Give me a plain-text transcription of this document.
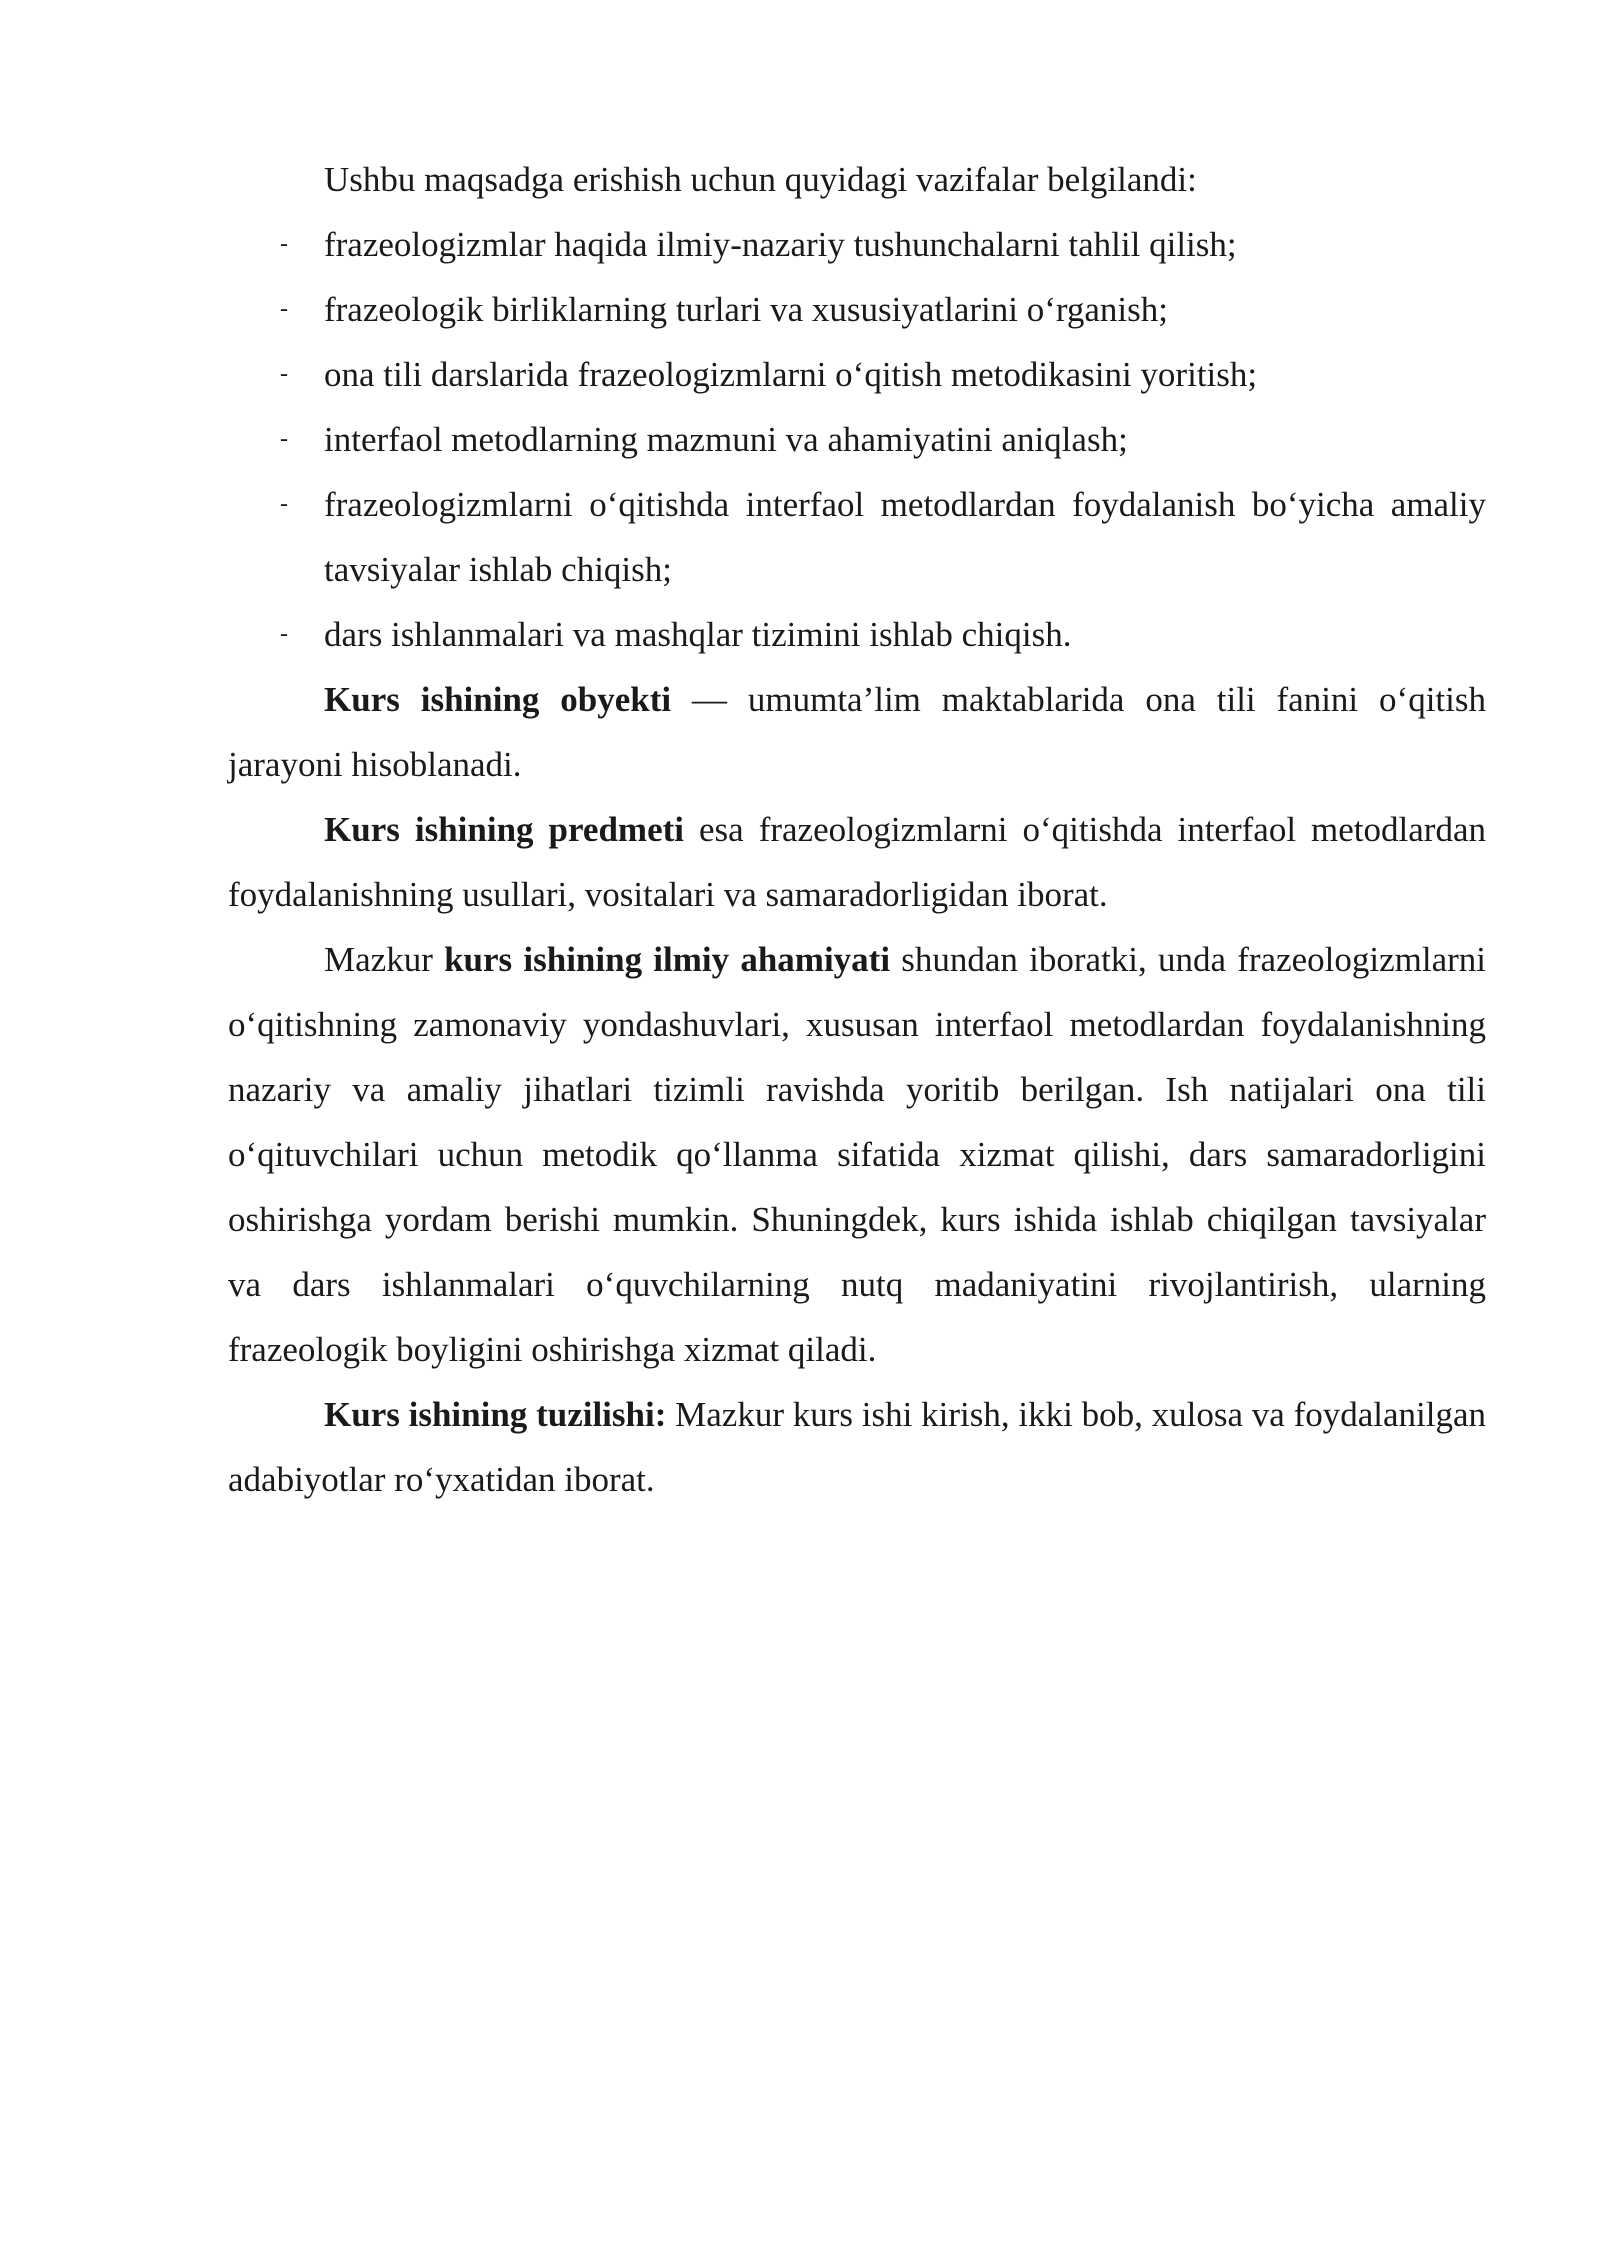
Ushbu maqsadga erishish uchun quyidagi vazifalar belgilandi:

- frazeologizmlar haqida ilmiy-nazariy tushunchalarni tahlil qilish;
- frazeologik birliklarning turlari va xususiyatlarini o‘rganish;
- ona tili darslarida frazeologizmlarni o‘qitish metodikasini yoritish;
- interfaol metodlarning mazmuni va ahamiyatini aniqlash;
- frazeologizmlarni o‘qitishda interfaol metodlardan foydalanish bo‘yicha amaliy tavsiyalar ishlab chiqish;
- dars ishlanmalari va mashqlar tizimini ishlab chiqish.

Kurs ishining obyekti — umumta’lim maktablarida ona tili fanini o‘qitish jarayoni hisoblanadi.

Kurs ishining predmeti esa frazeologizmlarni o‘qitishda interfaol metodlardan foydalanishning usullari, vositalari va samaradorligidan iborat.

Mazkur kurs ishining ilmiy ahamiyati shundan iboratki, unda frazeologizmlarni o‘qitishning zamonaviy yondashuvlari, xususan interfaol metodlardan foydalanishning nazariy va amaliy jihatlari tizimli ravishda yoritib berilgan. Ish natijalari ona tili o‘qituvchilari uchun metodik qo‘llanma sifatida xizmat qilishi, dars samaradorligini oshirishga yordam berishi mumkin. Shuningdek, kurs ishida ishlab chiqilgan tavsiyalar va dars ishlanmalari o‘quvchilarning nutq madaniyatini rivojlantirish, ularning frazeologik boyligini oshirishga xizmat qiladi.

Kurs ishining tuzilishi: Mazkur kurs ishi kirish, ikki bob, xulosa va foydalanilgan adabiyotlar ro‘yxatidan iborat.
